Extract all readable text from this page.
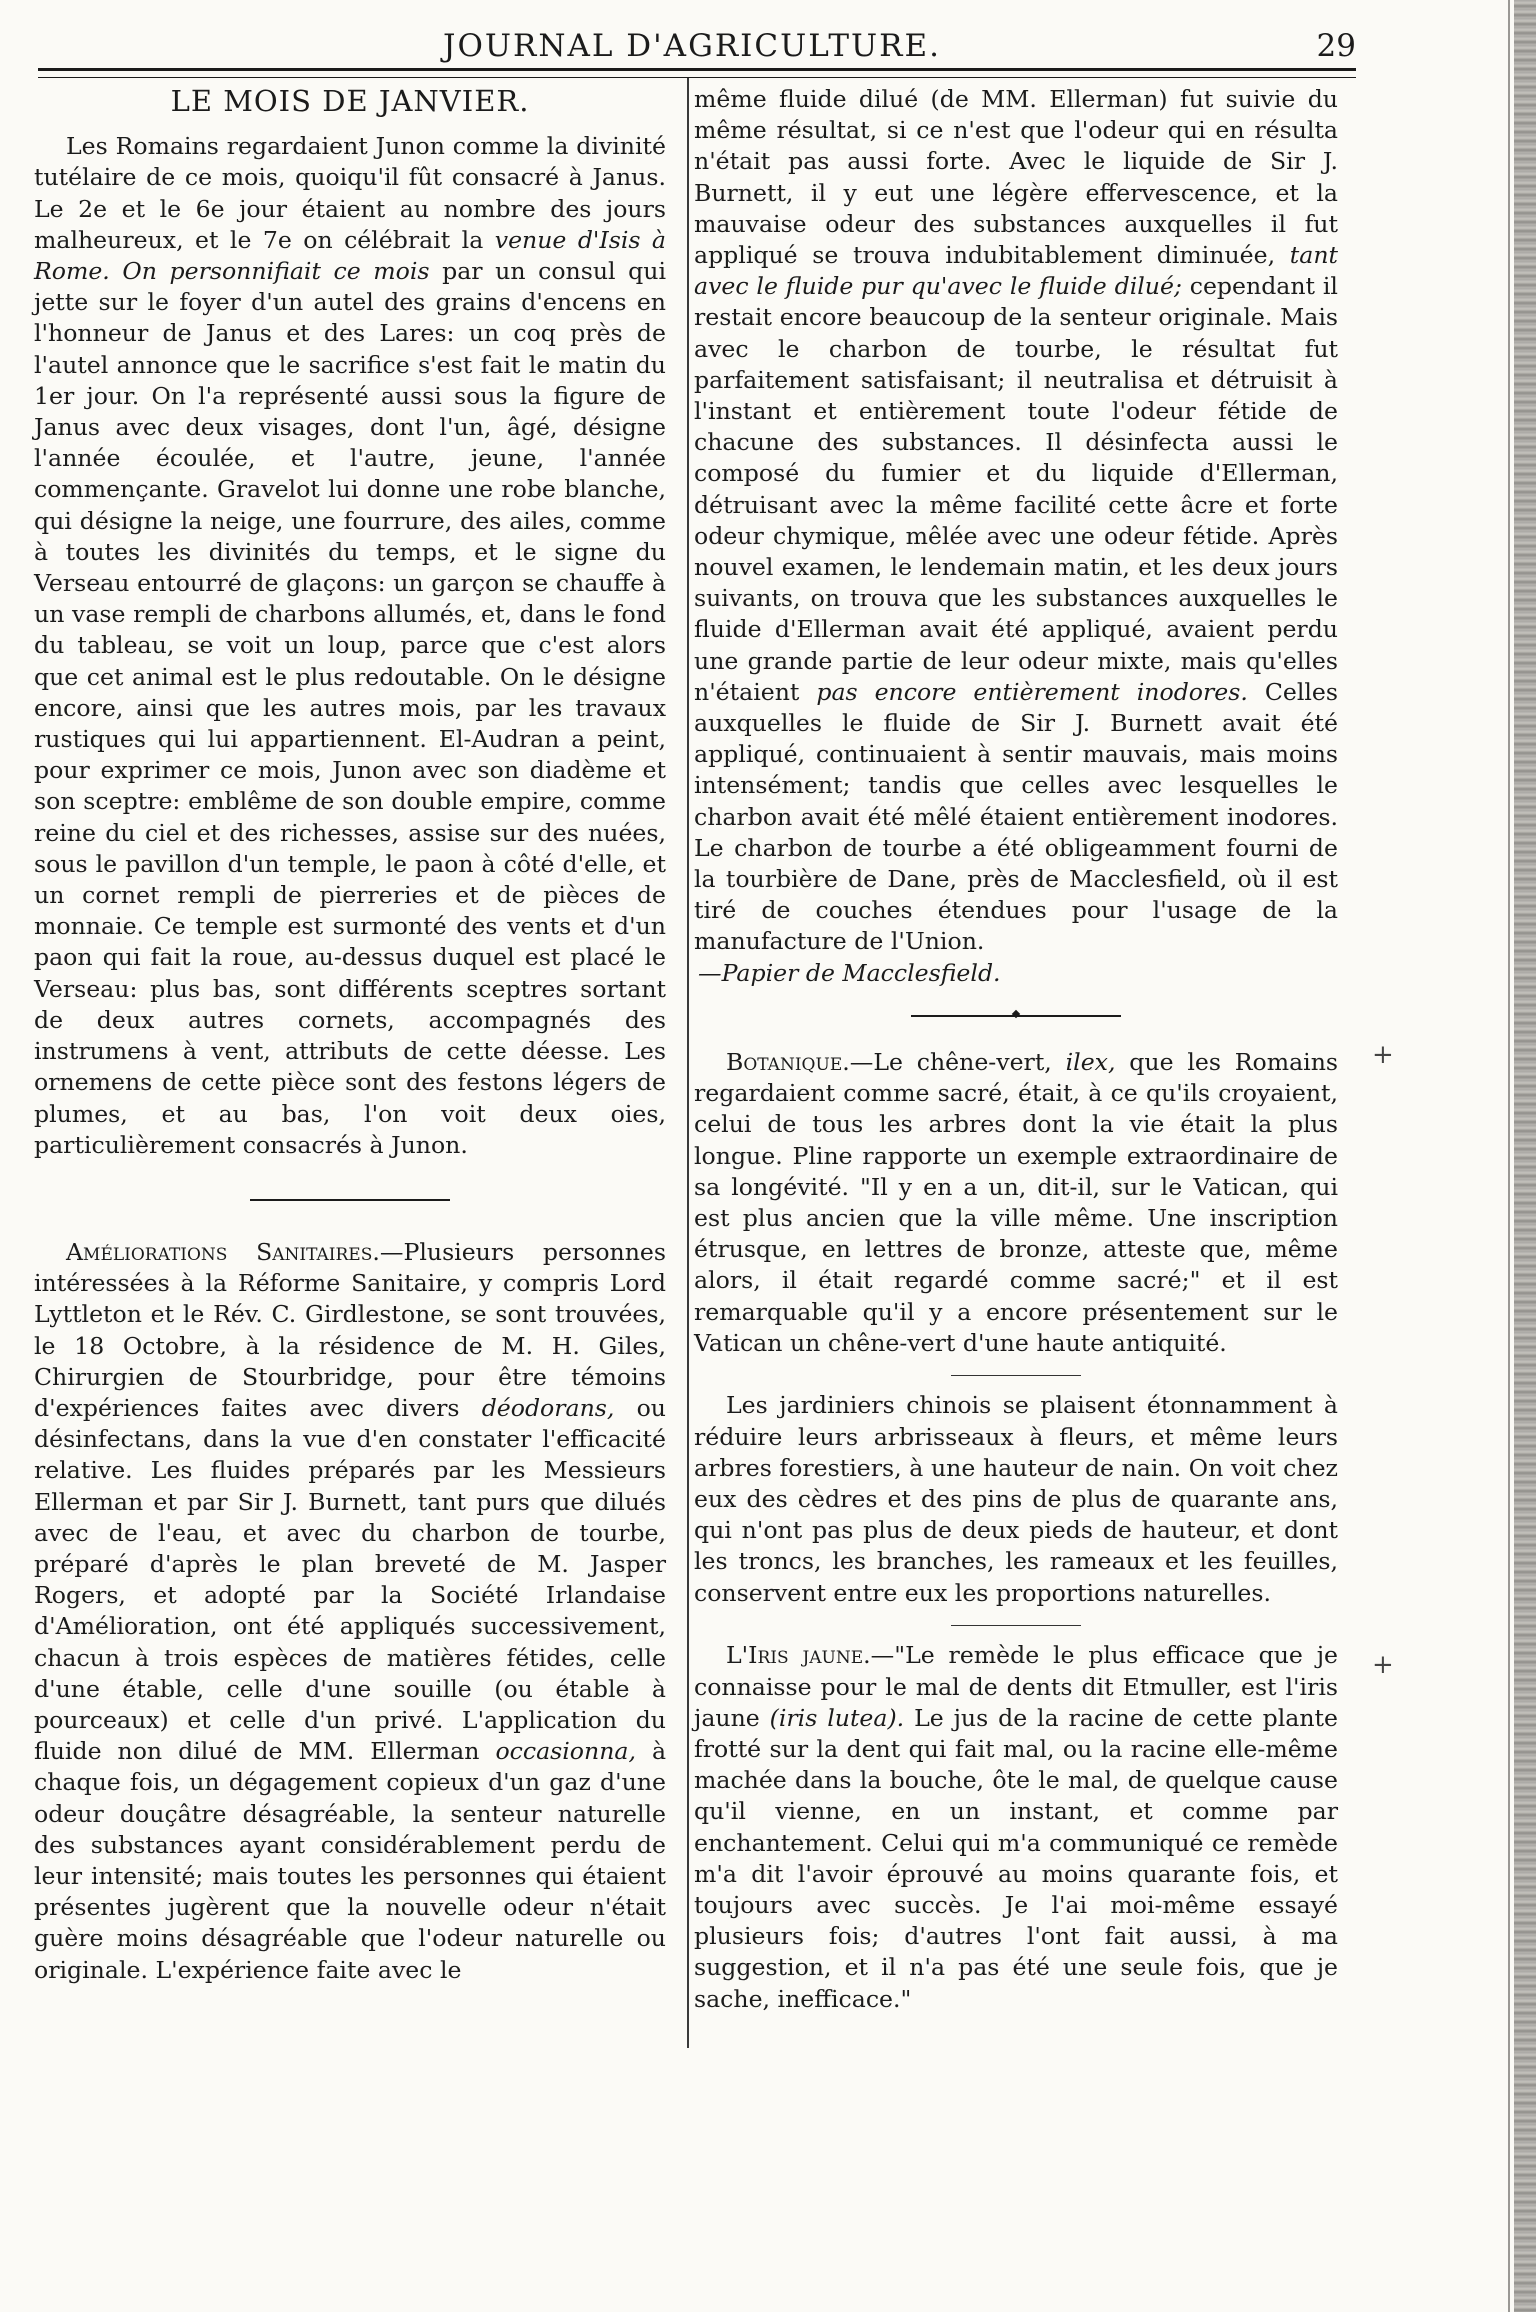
JOURNAL D'AGRICULTURE.	29
LE MOIS DE JANVIER.

Les Romains regardaient Junon comme la divinité tutélaire de ce mois, quoiqu'il fût consacré à Janus. Le 2e et le 6e jour étaient au nombre des jours malheureux, et le 7e on célébrait la venue d'Isis à Rome. On personnifiait ce mois par un consul qui jette sur le foyer d'un autel des grains d'encens en l'honneur de Janus et des Lares: un coq près de l'autel annonce que le sacrifice s'est fait le matin du 1er jour. On l'a représenté aussi sous la figure de Janus avec deux visages, dont l'un, âgé, désigne l'année écoulée, et l'autre, jeune, l'année commençante. Gravelot lui donne une robe blanche, qui désigne la neige, une fourrure, des ailes, comme à toutes les divinités du temps, et le signe du Verseau entourré de glaçons: un garçon se chauffe à un vase rempli de charbons allumés, et, dans le fond du tableau, se voit un loup, parce que c'est alors que cet animal est le plus redoutable. On le désigne encore, ainsi que les autres mois, par les travaux rustiques qui lui appartiennent. El-Audran a peint, pour exprimer ce mois, Junon avec son diadème et son sceptre: emblême de son double empire, comme reine du ciel et des richesses, assise sur des nuées, sous le pavillon d'un temple, le paon à côté d'elle, et un cornet rempli de pierreries et de pièces de monnaie. Ce temple est surmonté des vents et d'un paon qui fait la roue, au-dessus duquel est placé le Verseau: plus bas, sont différents sceptres sortant de deux autres cornets, accompagnés des instrumens à vent, attributs de cette déesse. Les ornemens de cette pièce sont des festons légers de plumes, et au bas, l'on voit deux oies, particulièrement consacrés à Junon.

Améliorations Sanitaires.—Plusieurs personnes intéressées à la Réforme Sanitaire, y compris Lord Lyttleton et le Rév. C. Girdlestone, se sont trouvées, le 18 Octobre, à la résidence de M. H. Giles, Chirurgien de Stourbridge, pour être témoins d'expériences faites avec divers déodorans, ou désinfectans, dans la vue d'en constater l'efficacité relative. Les fluides préparés par les Messieurs Ellerman et par Sir J. Burnett, tant purs que dilués avec de l'eau, et avec du charbon de tourbe, préparé d'après le plan breveté de M. Jasper Rogers, et adopté par la Société Irlandaise d'Amélioration, ont été appliqués successivement, chacun à trois espèces de matières fétides, celle d'une étable, celle d'une souille (ou étable à pourceaux) et celle d'un privé. L'application du fluide non dilué de MM. Ellerman occasionna, à chaque fois, un dégagement copieux d'un gaz d'une odeur douçâtre désagréable, la senteur naturelle des substances ayant considérablement perdu de leur intensité; mais toutes les personnes qui étaient présentes jugèrent que la nouvelle odeur n'était guère moins désagréable que l'odeur naturelle ou originale. L'expérience faite avec le

même fluide dilué (de MM. Ellerman) fut suivie du même résultat, si ce n'est que l'odeur qui en résulta n'était pas aussi forte. Avec le liquide de Sir J. Burnett, il y eut une légère effervescence, et la mauvaise odeur des substances auxquelles il fut appliqué se trouva indubitablement diminuée, tant avec le fluide pur qu'avec le fluide dilué; cependant il restait encore beaucoup de la senteur originale. Mais avec le charbon de tourbe, le résultat fut parfaitement satisfaisant; il neutralisa et détruisit à l'instant et entièrement toute l'odeur fétide de chacune des substances. Il désinfecta aussi le composé du fumier et du liquide d'Ellerman, détruisant avec la même facilité cette âcre et forte odeur chymique, mêlée avec une odeur fétide. Après nouvel examen, le lendemain matin, et les deux jours suivants, on trouva que les substances auxquelles le fluide d'Ellerman avait été appliqué, avaient perdu une grande partie de leur odeur mixte, mais qu'elles n'étaient pas encore entièrement inodores. Celles auxquelles le fluide de Sir J. Burnett avait été appliqué, continuaient à sentir mauvais, mais moins intensément; tandis que celles avec lesquelles le charbon avait été mêlé étaient entièrement inodores. Le charbon de tourbe a été obligeamment fourni de la tourbière de Dane, près de Macclesfield, où il est tiré de couches étendues pour l'usage de la manufacture de l'Union.

—Papier de Macclesfield.

Botanique.—Le chêne-vert, ilex, que les Romains regardaient comme sacré, était, à ce qu'ils croyaient, celui de tous les arbres dont la vie était la plus longue. Pline rapporte un exemple extraordinaire de sa longévité. "Il y en a un, dit-il, sur le Vatican, qui est plus ancien que la ville même. Une inscription étrusque, en lettres de bronze, atteste que, même alors, il était regardé comme sacré;" et il est remarquable qu'il y a encore présentement sur le Vatican un chêne-vert d'une haute antiquité.

Les jardiniers chinois se plaisent étonnamment à réduire leurs arbrisseaux à fleurs, et même leurs arbres forestiers, à une hauteur de nain. On voit chez eux des cèdres et des pins de plus de quarante ans, qui n'ont pas plus de deux pieds de hauteur, et dont les troncs, les branches, les rameaux et les feuilles, conservent entre eux les proportions naturelles.

L'Iris jaune.—"Le remède le plus efficace que je connaisse pour le mal de dents dit Etmuller, est l'iris jaune (iris lutea). Le jus de la racine de cette plante frotté sur la dent qui fait mal, ou la racine elle-même machée dans la bouche, ôte le mal, de quelque cause qu'il vienne, en un instant, et comme par enchantement. Celui qui m'a communiqué ce remède m'a dit l'avoir éprouvé au moins quarante fois, et toujours avec succès. Je l'ai moi-même essayé plusieurs fois; d'autres l'ont fait aussi, à ma suggestion, et il n'a pas été une seule fois, que je sache, inefficace."

+
+
